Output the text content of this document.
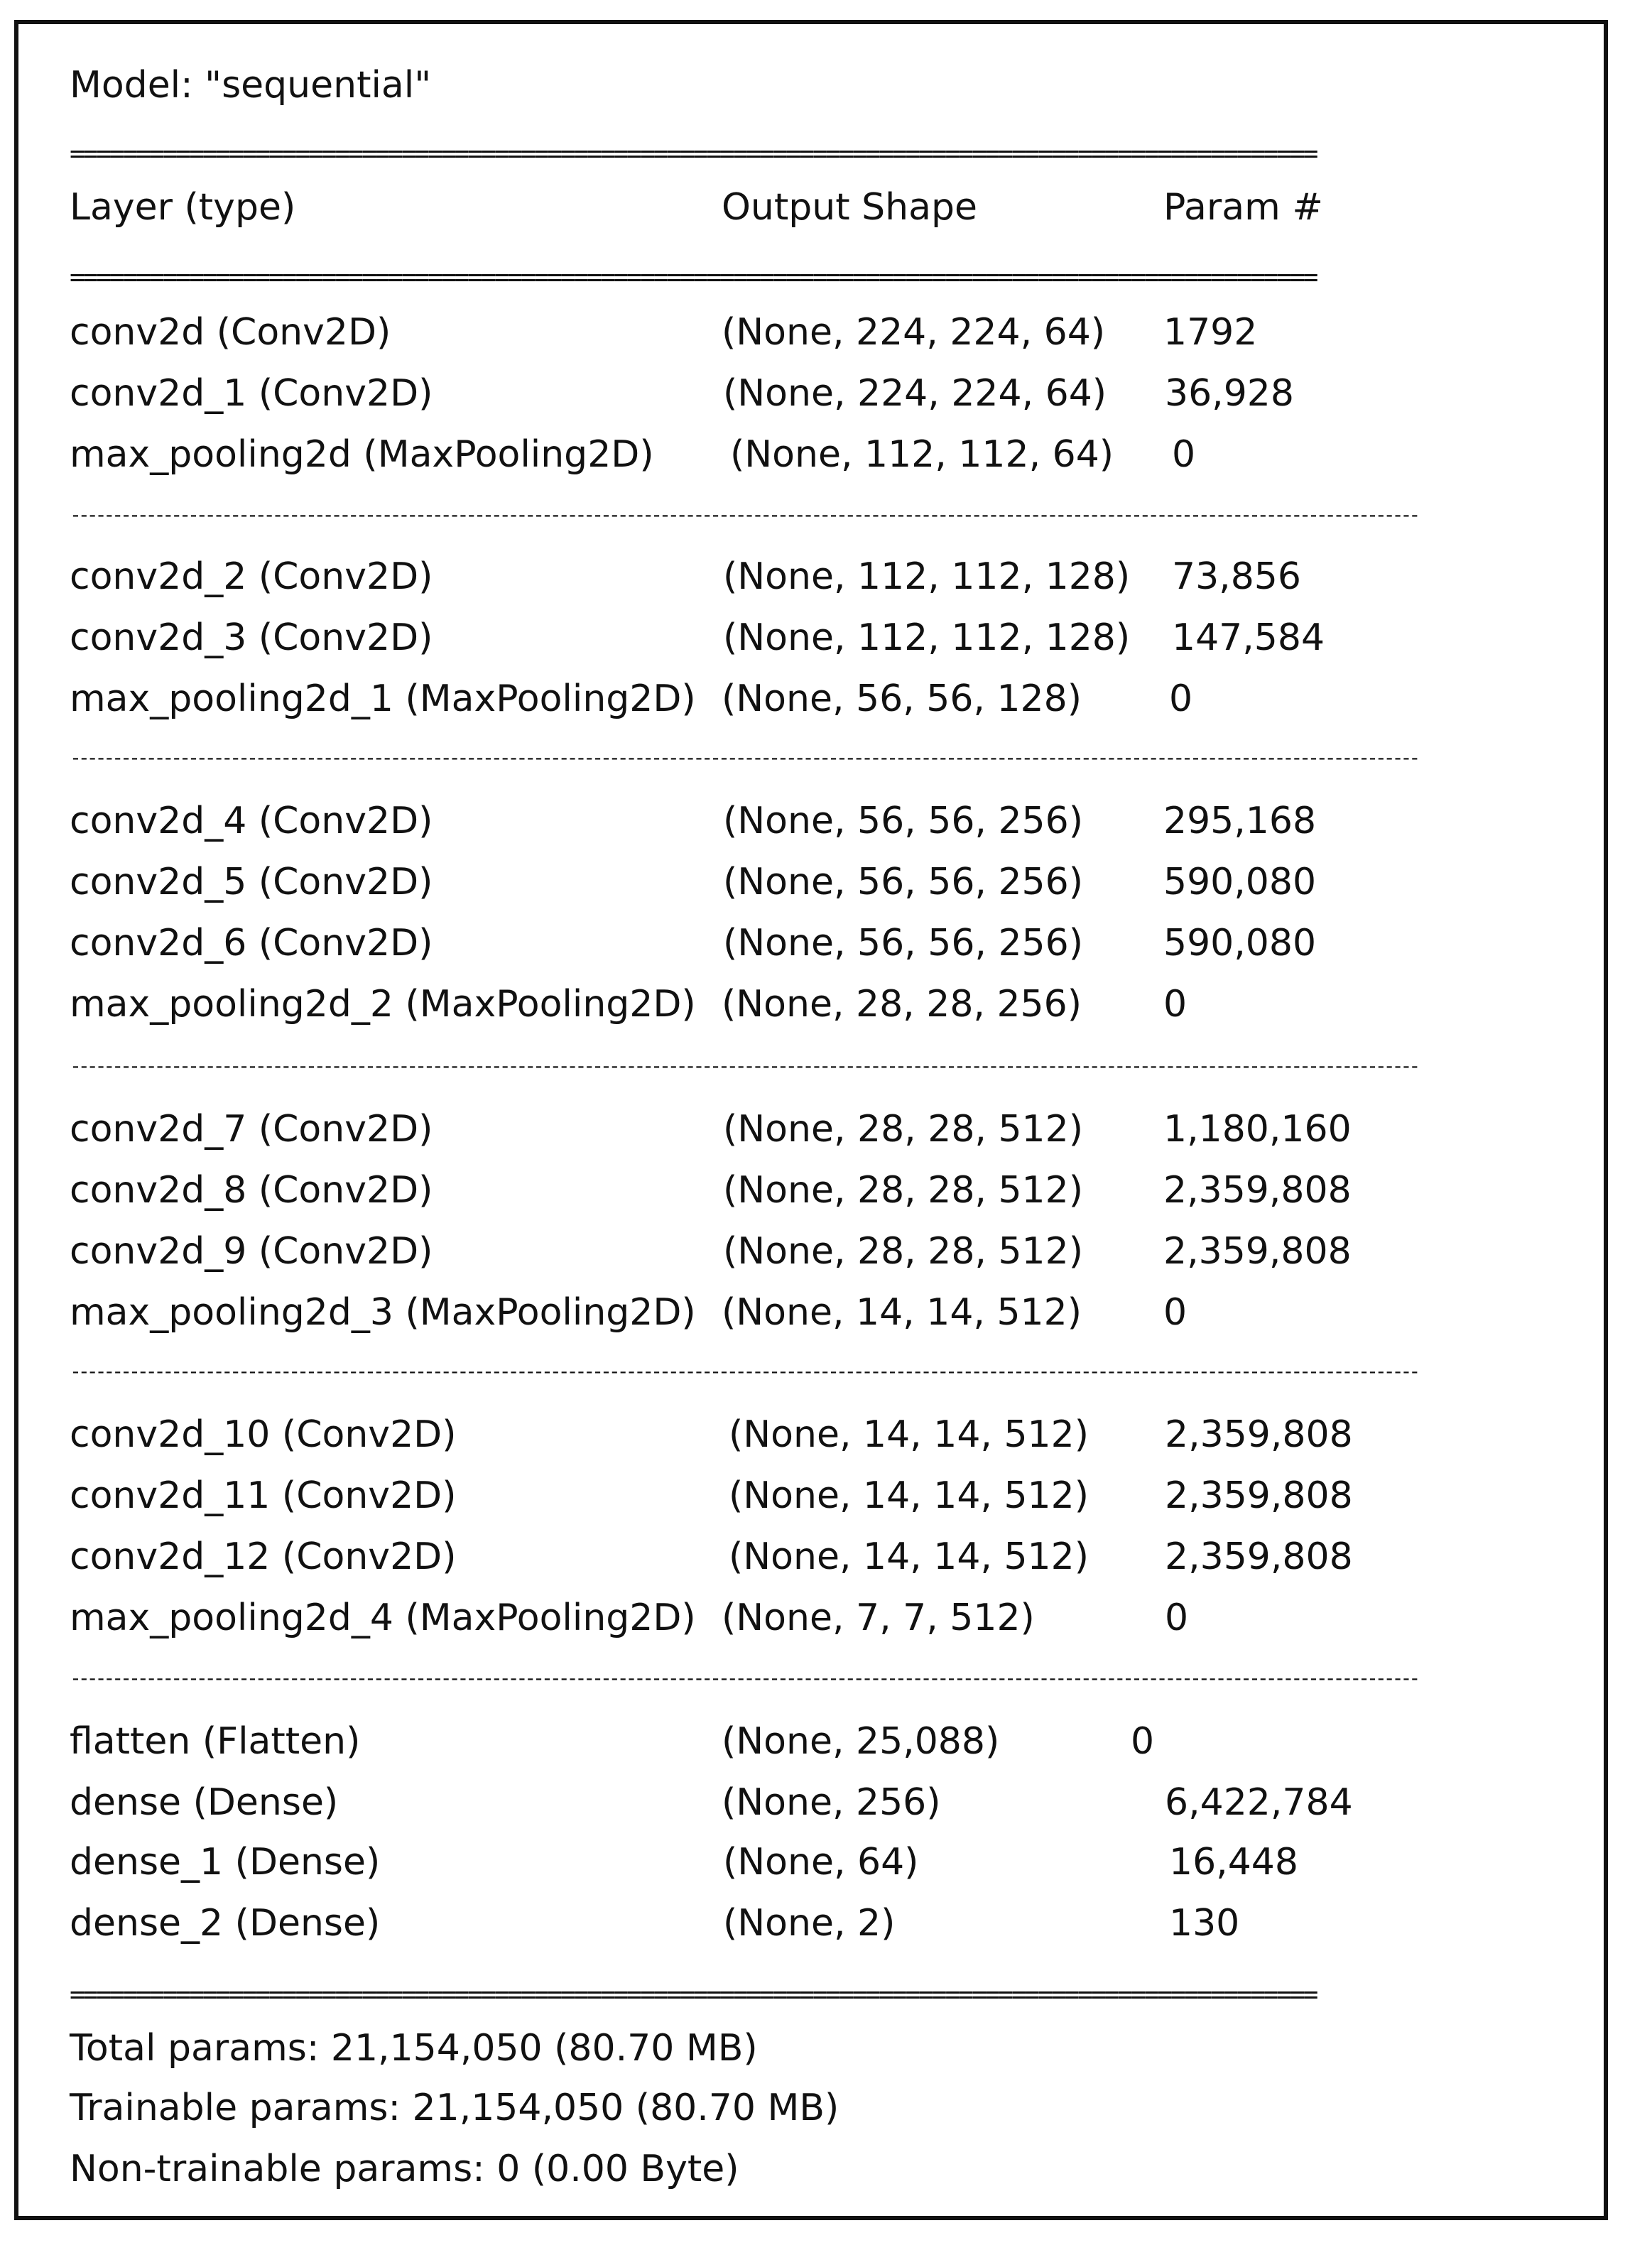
Model: "sequential"
==============================================================================================
Layer (type)	Output Shape	Param #
==============================================================================================
conv2d (Conv2D)	(None, 224, 224, 64) 1792
conv2d_1 (Conv2D)	(None, 224, 224, 64) 36,928
max_pooling2d (MaxPooling2D) (None, 112, 112, 64) 0
conv2d_2 (Conv2D)	(None, 112, 112, 128) 73,856
conv2d_3 (Conv2D)	(None, 112, 112, 128) 147,584
max_pooling2d_1 (MaxPooling2D) (None, 56, 56, 128) 0
conv2d_4 (Conv2D)	(None, 56, 56, 256) 295,168
conv2d_5 (Conv2D)	(None, 56, 56, 256) 590,080
conv2d_6 (Conv2D)	(None, 56, 56, 256) 590,080
max_pooling2d_2 (MaxPooling2D) (None, 28, 28, 256) 0
conv2d_7 (Conv2D)	(None, 28, 28, 512) 1,180,160
conv2d_8 (Conv2D)	(None, 28, 28, 512) 2,359,808
conv2d_9 (Conv2D)	(None, 28, 28, 512) 2,359,808
max_pooling2d_3 (MaxPooling2D) (None, 14, 14, 512) 0
conv2d_10 (Conv2D)	(None, 14, 14, 512) 2,359,808
conv2d_11 (Conv2D)	(None, 14, 14, 512) 2,359,808
conv2d_12 (Conv2D)	(None, 14, 14, 512) 2,359,808
max_pooling2d_4 (MaxPooling2D) (None, 7, 7, 512)	0
flatten (Flatten)	(None, 25,088)	0
dense (Dense)	(None, 256)	6,422,784
dense_1 (Dense)	(None, 64)	16,448
dense_2 (Dense)	(None, 2)	130
----------------------------------------------------------------------------------------------------------------------------------------------------------------
----------------------------------------------------------------------------------------------------------------------------------------------------------------
----------------------------------------------------------------------------------------------------------------------------------------------------------------
----------------------------------------------------------------------------------------------------------------------------------------------------------------
----------------------------------------------------------------------------------------------------------------------------------------------------------------
==============================================================================================
Total params: 21,154,050 (80.70 MB)
Trainable params: 21,154,050 (80.70 MB)
Non-trainable params: 0 (0.00 Byte)
